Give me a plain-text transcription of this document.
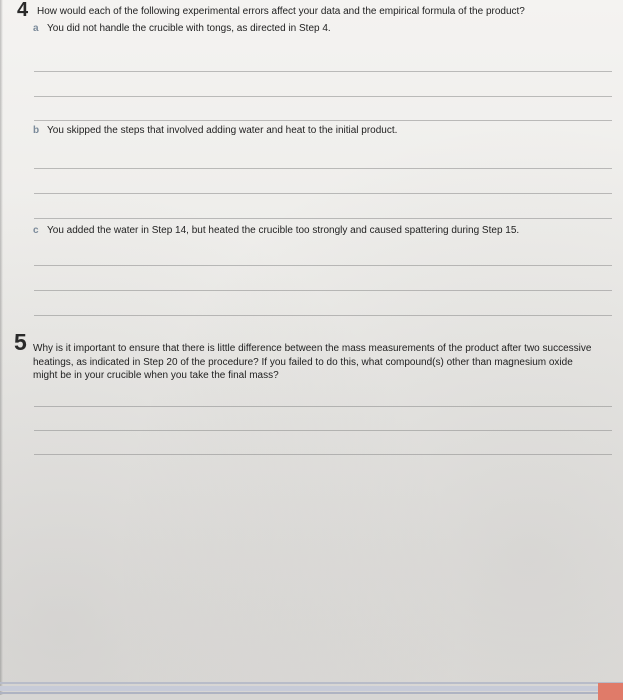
4 How would each of the following experimental errors affect your data and the empirical formula of the product?
a You did not handle the crucible with tongs, as directed in Step 4.
b You skipped the steps that involved adding water and heat to the initial product.
c You added the water in Step 14, but heated the crucible too strongly and caused spattering during Step 15.
5 Why is it important to ensure that there is little difference between the mass measurements of the product after two successive
heatings, as indicated in Step 20 of the procedure? If you failed to do this, what compound(s) other than magnesium oxide
might be in your crucible when you take the final mass?
